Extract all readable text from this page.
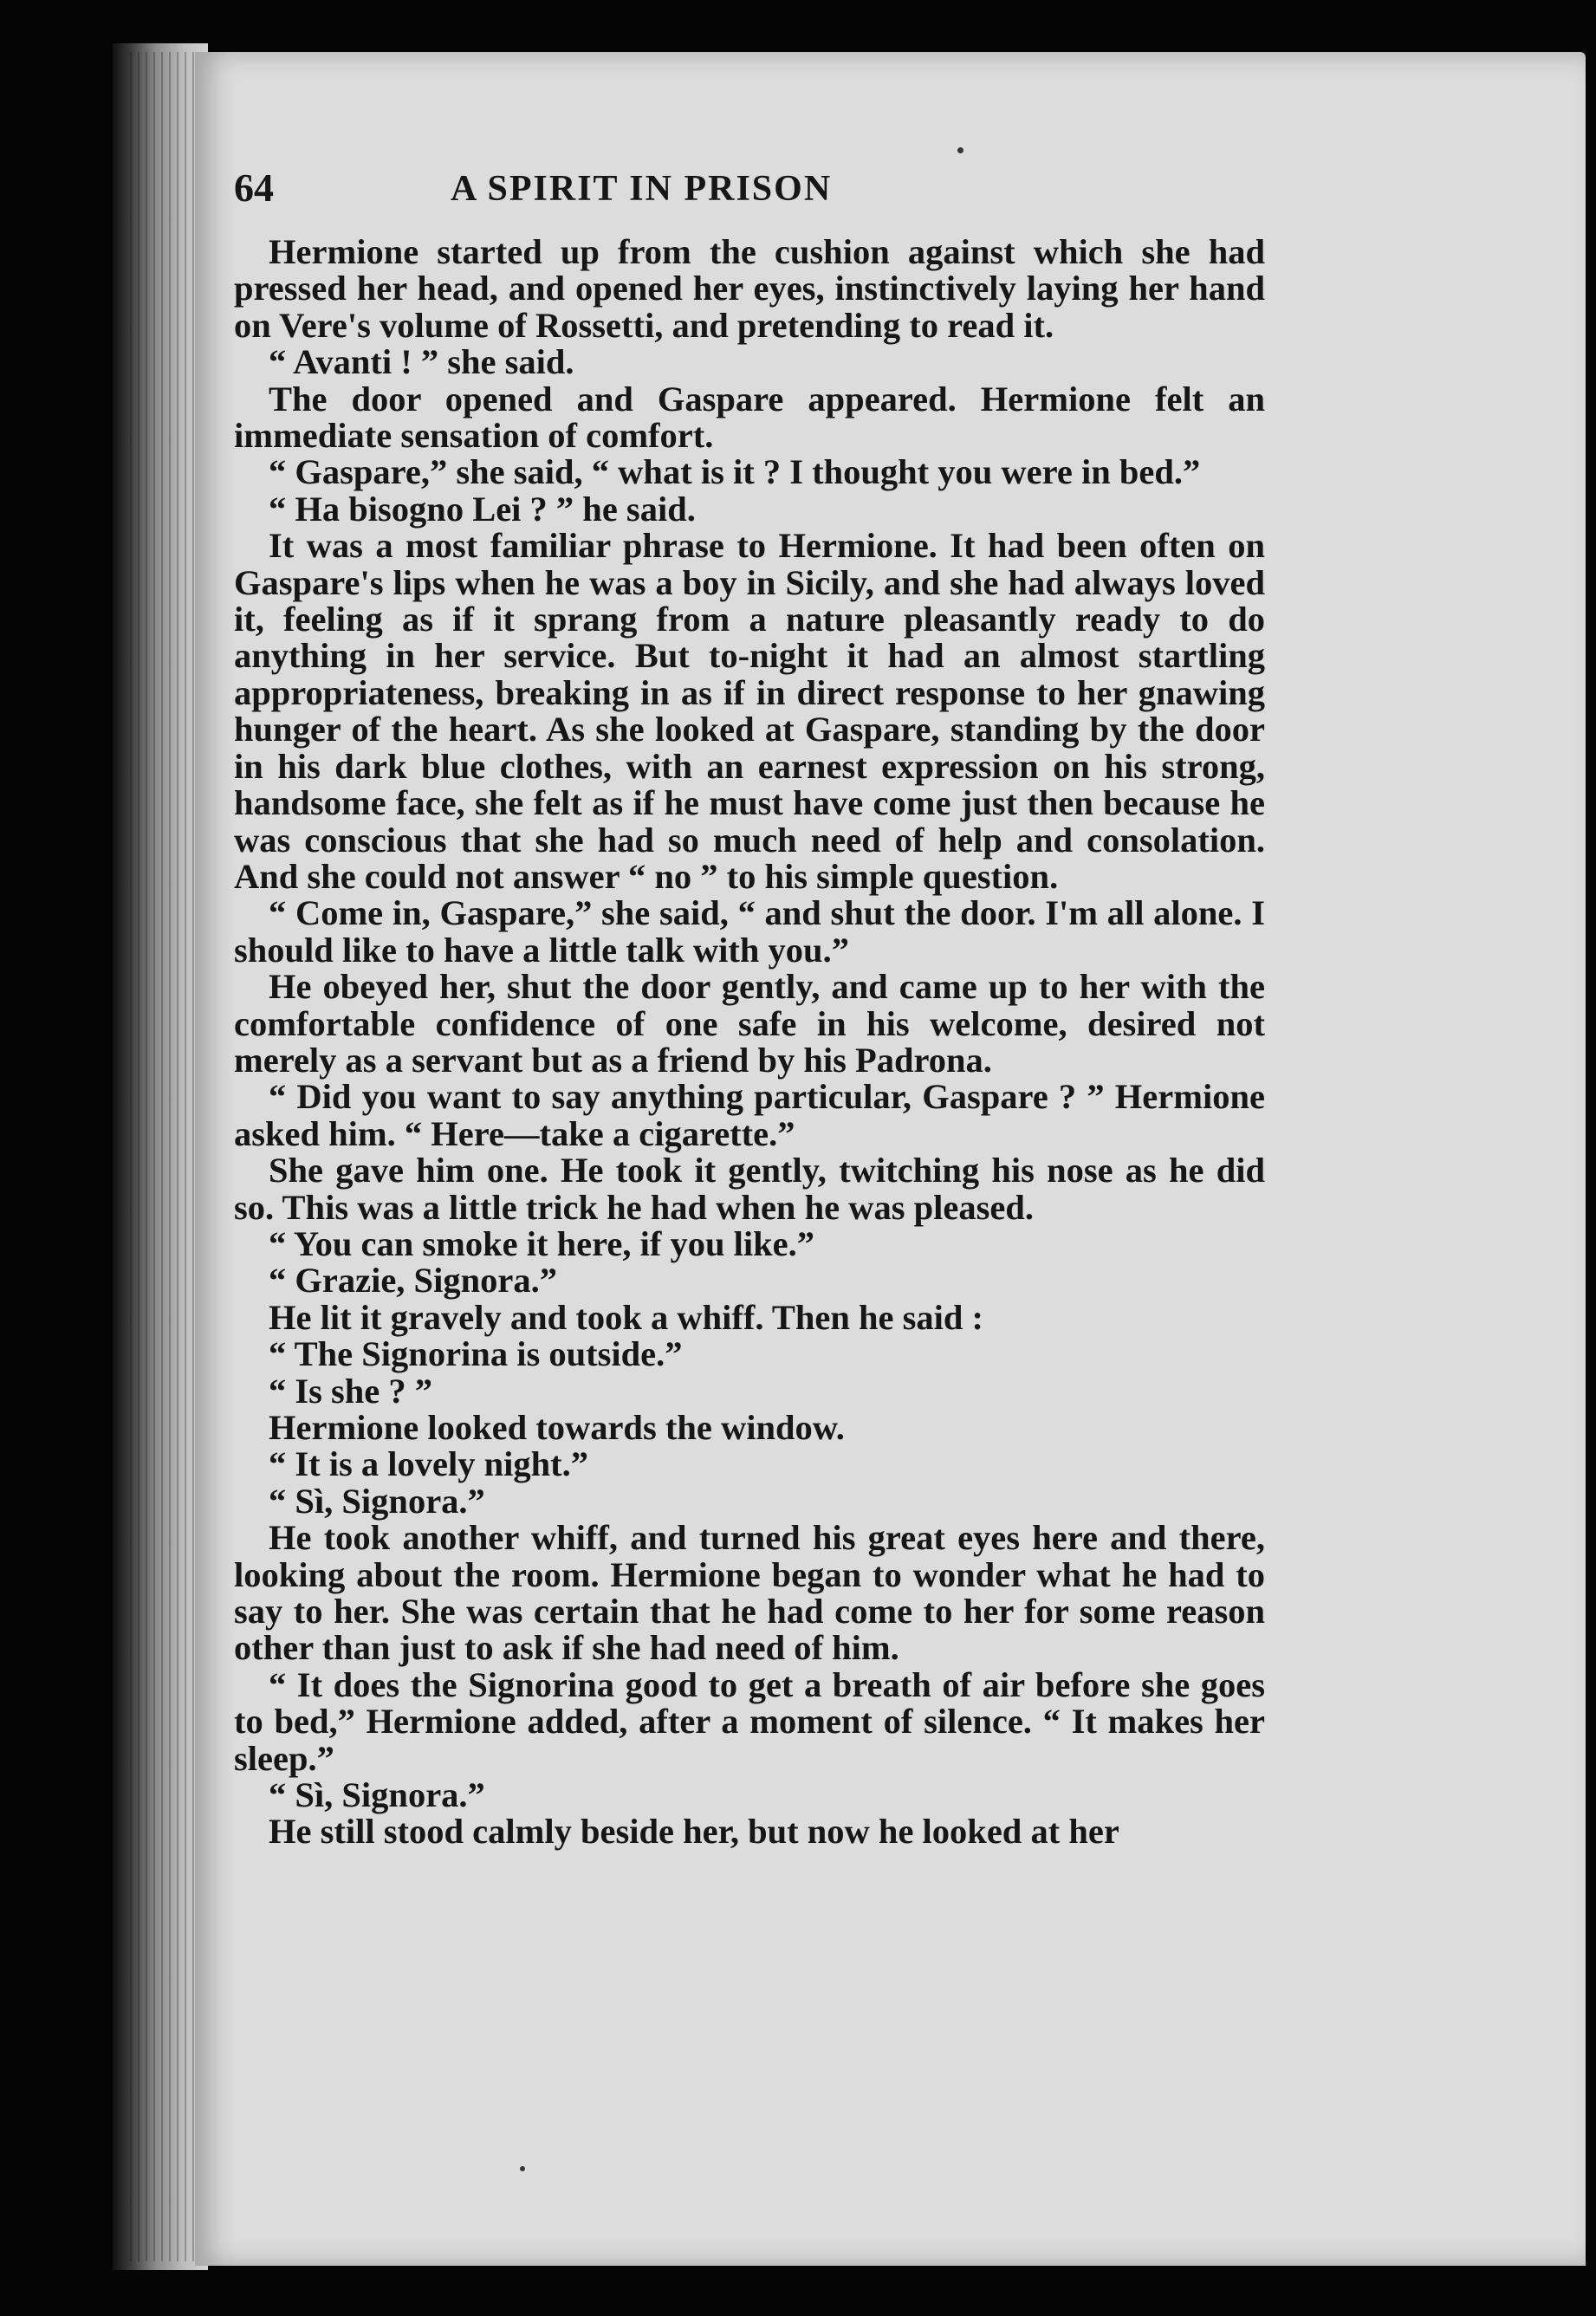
64	A SPIRIT IN PRISON

Hermione started up from the cushion against which she had pressed her head, and opened her eyes, instinctively laying her hand on Vere's volume of Rossetti, and pretending to read it.

“ Avanti ! ” she said.

The door opened and Gaspare appeared. Hermione felt an immediate sensation of comfort.

“ Gaspare,” she said, “ what is it ? I thought you were in bed.”

“ Ha bisogno Lei ? ” he said.

It was a most familiar phrase to Hermione. It had been often on Gaspare's lips when he was a boy in Sicily, and she had always loved it, feeling as if it sprang from a nature pleasantly ready to do anything in her service. But to-night it had an almost startling appropriateness, breaking in as if in direct response to her gnawing hunger of the heart. As she looked at Gaspare, standing by the door in his dark blue clothes, with an earnest expression on his strong, handsome face, she felt as if he must have come just then because he was conscious that she had so much need of help and consolation. And she could not answer “ no ” to his simple question.

“ Come in, Gaspare,” she said, “ and shut the door. I'm all alone. I should like to have a little talk with you.”

He obeyed her, shut the door gently, and came up to her with the comfortable confidence of one safe in his welcome, desired not merely as a servant but as a friend by his Padrona.

“ Did you want to say anything particular, Gaspare ? ” Hermione asked him. “ Here—take a cigarette.”

She gave him one. He took it gently, twitching his nose as he did so. This was a little trick he had when he was pleased.

“ You can smoke it here, if you like.”

“ Grazie, Signora.”

He lit it gravely and took a whiff. Then he said :

“ The Signorina is outside.”

“ Is she ? ”

Hermione looked towards the window.

“ It is a lovely night.”

“ Sì, Signora.”

He took another whiff, and turned his great eyes here and there, looking about the room. Hermione began to wonder what he had to say to her. She was certain that he had come to her for some reason other than just to ask if she had need of him.

“ It does the Signorina good to get a breath of air before she goes to bed,” Hermione added, after a moment of silence. “ It makes her sleep.”

“ Sì, Signora.”

He still stood calmly beside her, but now he looked at her
